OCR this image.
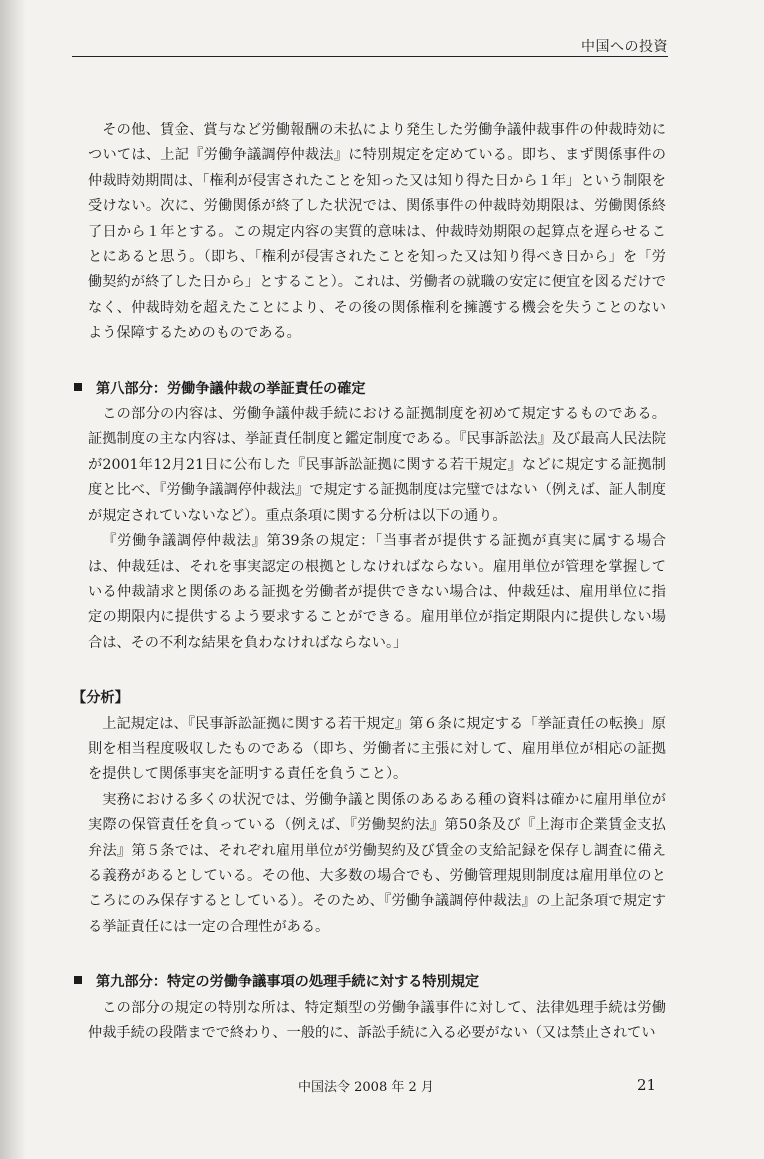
中国への投資

その他、賃金、賞与など労働報酬の未払により発生した労働争議仲裁事件の仲裁時効については、上記『労働争議調停仲裁法』に特別規定を定めている。即ち、まず関係事件の仲裁時効期間は、「権利が侵害されたことを知った又は知り得た日から１年」という制限を受けない。次に、労働関係が終了した状況では、関係事件の仲裁時効期限は、労働関係終了日から１年とする。この規定内容の実質的意味は、仲裁時効期限の起算点を遅らせることにあると思う。（即ち、「権利が侵害されたことを知った又は知り得べき日から」を「労働契約が終了した日から」とすること）。これは、労働者の就職の安定に便宜を図るだけでなく、仲裁時効を超えたことにより、その後の関係権利を擁護する機会を失うことのないよう保障するためのものである。

第八部分：労働争議仲裁の挙証責任の確定

この部分の内容は、労働争議仲裁手続における証拠制度を初めて規定するものである。証拠制度の主な内容は、挙証責任制度と鑑定制度である。『民事訴訟法』及び最高人民法院が2001年12月21日に公布した『民事訴訟証拠に関する若干規定』などに規定する証拠制度と比べ、『労働争議調停仲裁法』で規定する証拠制度は完璧ではない（例えば、証人制度が規定されていないなど）。重点条項に関する分析は以下の通り。

『労働争議調停仲裁法』第39条の規定：「当事者が提供する証拠が真実に属する場合は、仲裁廷は、それを事実認定の根拠としなければならない。雇用単位が管理を掌握している仲裁請求と関係のある証拠を労働者が提供できない場合は、仲裁廷は、雇用単位に指定の期限内に提供するよう要求することができる。雇用単位が指定期限内に提供しない場合は、その不利な結果を負わなければならない。」

【分析】

上記規定は、『民事訴訟証拠に関する若干規定』第６条に規定する「挙証責任の転換」原則を相当程度吸収したものである（即ち、労働者に主張に対して、雇用単位が相応の証拠を提供して関係事実を証明する責任を負うこと）。

実務における多くの状況では、労働争議と関係のあるある種の資料は確かに雇用単位が実際の保管責任を負っている（例えば、『労働契約法』第50条及び『上海市企業賃金支払弁法』第５条では、それぞれ雇用単位が労働契約及び賃金の支給記録を保存し調査に備える義務があるとしている。その他、大多数の場合でも、労働管理規則制度は雇用単位のところにのみ保存するとしている）。そのため、『労働争議調停仲裁法』の上記条項で規定する挙証責任には一定の合理性がある。

第九部分：特定の労働争議事項の処理手続に対する特別規定

この部分の規定の特別な所は、特定類型の労働争議事件に対して、法律処理手続は労働仲裁手続の段階までで終わり、一般的に、訴訟手続に入る必要がない（又は禁止されてい

中国法令 2008 年 2 月	21
